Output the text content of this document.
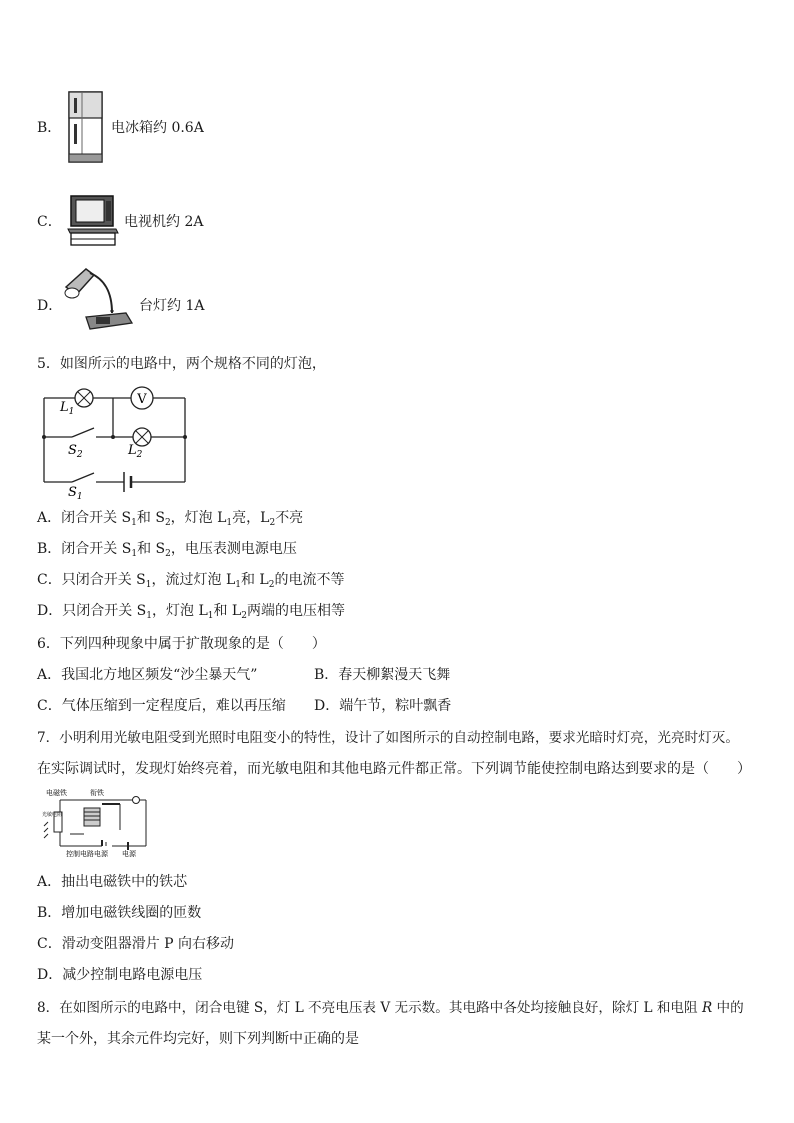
B．	电冰箱约 0.6A
C．	电视机约 2A
D．	台灯约 1A
5．如图所示的电路中，两个规格不同的灯泡，
V
$L_1$
$S_2$	$L_2$
$S_1$
A．闭合开关 $S_1$和 $S_2$，灯泡 $L_1$亮，$L_2$不亮
B．闭合开关 $S_1$和 $S_2$，电压表测电源电压
C．只闭合开关 $S_1$，流过灯泡 $L_1$和 $L_2$的电流不等
D．只闭合开关 $S_1$，灯泡 $L_1$和 $L_2$两端的电压相等
6．下列四种现象中属于扩散现象的是（　　）
A．我国北方地区频发“沙尘暴天气”	B．春天柳絮漫天飞舞
C．气体压缩到一定程度后，难以再压缩 D．端午节，粽叶飘香
7．小明利用光敏电阻受到光照时电阻变小的特性，设计了如图所示的自动控制电路，要求光暗时灯亮，光亮时灯灭。
在实际调试时，发现灯始终亮着，而光敏电阻和其他电路元件都正常。下列调节能使控制电路达到要求的是（　　）
电磁铁	衔铁
光敏电阻
控制电路电源 电源
A．抽出电磁铁中的铁芯
B．增加电磁铁线圈的匝数
C．滑动变阻器滑片 P 向右移动
D．减少控制电路电源电压
8．在如图所示的电路中，闭合电键 S，灯 L 不亮电压表 V 无示数。其电路中各处均接触良好，除灯 L 和电阻 R 中的
某一个外，其余元件均完好，则下列判断中正确的是
